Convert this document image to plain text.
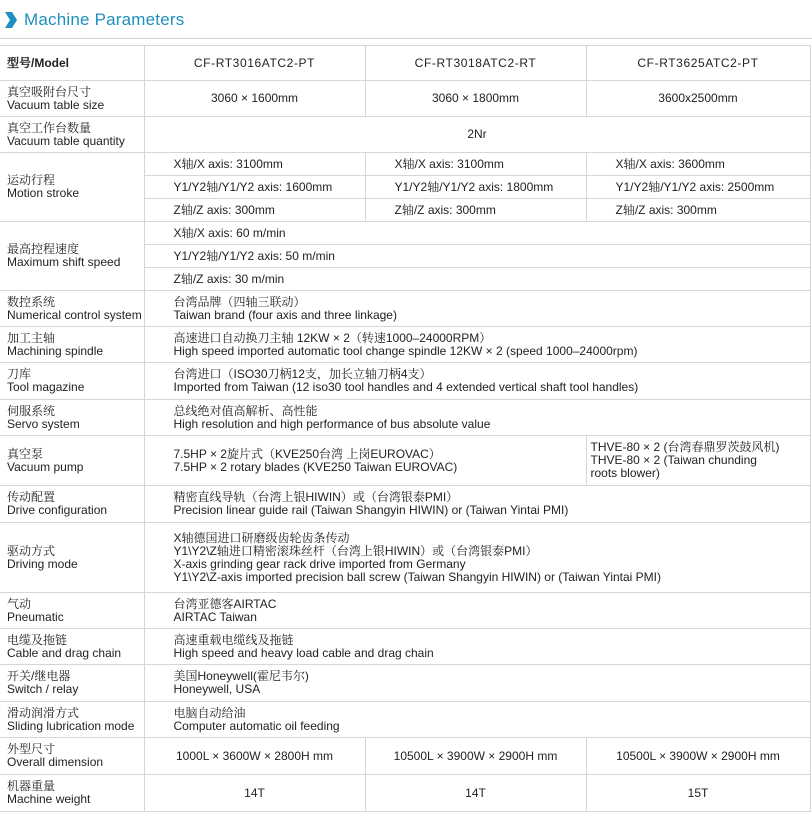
Machine Parameters
型号/Model	CF-RT3016ATC2-PT	CF-RT3018ATC2-RT	CF-RT3625ATC2-PT

真空吸附台尺寸
Vacuum table size	3060 × 1600mm	3060 × 1800mm	3600x2500mm

真空工作台数量
Vacuum table quantity	2Nr		

运动行程
Motion stroke	X轴/X axis: 3100mm	X轴/X axis: 3100mm	X轴/X axis: 3600mm
	Y1/Y2轴/Y1/Y2 axis: 1600mm	Y1/Y2轴/Y1/Y2 axis: 1800mm	Y1/Y2轴/Y1/Y2 axis: 2500mm
	Z轴/Z axis: 300mm	Z轴/Z axis: 300mm	Z轴/Z axis: 300mm

最高控程速度
Maximum shift speed	X轴/X axis: 60 m/min		
	Y1/Y2轴/Y1/Y2 axis: 50 m/min		
	Z轴/Z axis: 30 m/min		

数控系统
Numerical control system	台湾品牌（四轴三联动）
Taiwan brand (four axis and three linkage)		

加工主轴
Machining spindle	高速进口自动换刀主轴 12KW × 2（转速1000–24000RPM）
High speed imported automatic tool change spindle 12KW × 2 (speed 1000–24000rpm)		

刀库
Tool magazine	台湾进口（ISO30刀柄12支，加长立轴刀柄4支）
Imported from Taiwan (12 iso30 tool handles and 4 extended vertical shaft tool handles)		

伺服系统
Servo system	总线绝对值高解析、高性能
High resolution and high performance of bus absolute value		

真空泵
Vacuum pump	7.5HP × 2旋片式（KVE250台湾 上岗EUROVAC）
7.5HP × 2 rotary blades (KVE250 Taiwan EUROVAC)		THVE-80 × 2 (台湾春鼎罗茨鼓风机)
THVE-80 × 2 (Taiwan chunding
roots blower)

传动配置
Drive configuration	精密直线导轨（台湾上银HIWIN）或（台湾银泰PMI）
Precision linear guide rail (Taiwan Shangyin HIWIN) or (Taiwan Yintai PMI)		

驱动方式
Driving mode	X轴德国进口研磨级齿轮齿条传动
Y1\Y2\Z轴进口精密滚珠丝杆（台湾上银HIWIN）或（台湾银泰PMI）
X-axis grinding gear rack drive imported from Germany
Y1\Y2\Z-axis imported precision ball screw (Taiwan Shangyin HIWIN) or (Taiwan Yintai PMI)		

气动
Pneumatic	台湾亚德客AIRTAC
AIRTAC Taiwan		

电缆及拖链
Cable and drag chain	高速重载电缆线及拖链
High speed and heavy load cable and drag chain		

开关/继电器
Switch / relay	美国Honeywell(霍尼韦尔)
Honeywell, USA		

滑动润滑方式
Sliding lubrication mode	电脑自动给油
Computer automatic oil feeding		

外型尺寸
Overall dimension	1000L × 3600W × 2800H mm	10500L × 3900W × 2900H mm	10500L × 3900W × 2900H mm

机器重量
Machine weight	14T	14T	15T
